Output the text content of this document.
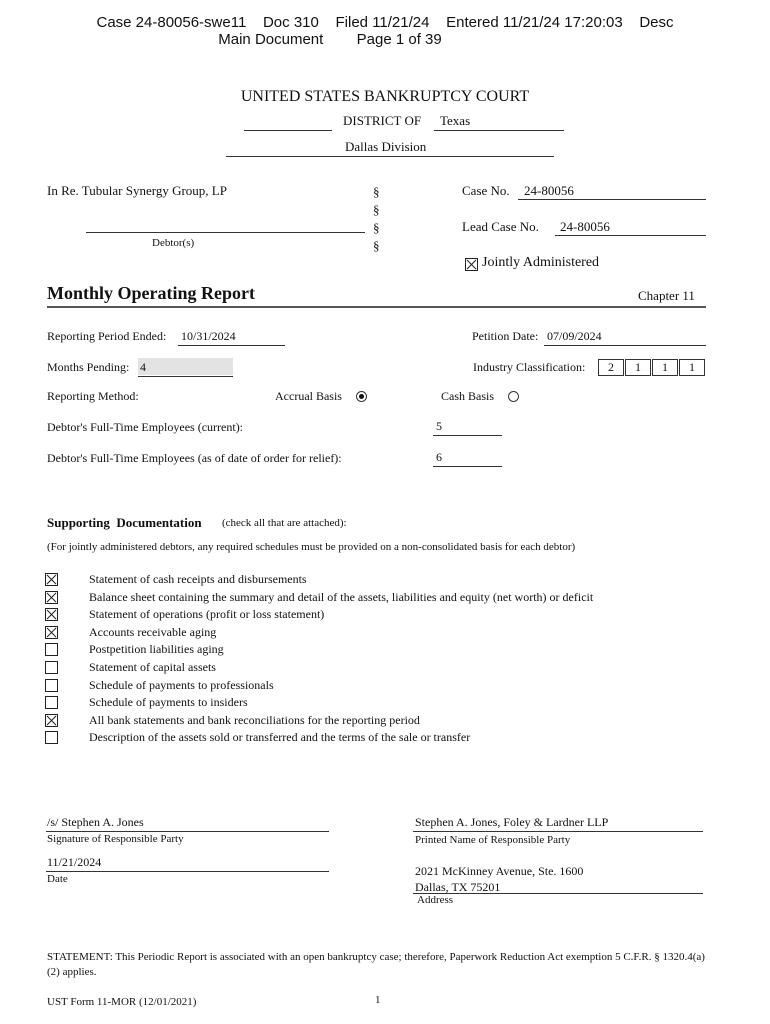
Case 24-80056-swe11    Doc 310    Filed 11/21/24    Entered 11/21/24 17:20:03    Desc
Main Document        Page 1 of 39
UNITED STATES BANKRUPTCY COURT
DISTRICT OF Texas
Dallas Division
In Re. Tubular Synergy Group, LP
Debtor(s)
§
§
§
§
Case No. 24-80056
Lead Case No. 24-80056
Jointly Administered
Monthly Operating Report	Chapter 11
Reporting Period Ended: 10/31/2024	Petition Date: 07/09/2024
Months Pending: 4	Industry Classification:	2	1	1	1
Reporting Method:	Accrual Basis	Cash Basis
Debtor's Full-Time Employees (current):	5
Debtor's Full-Time Employees (as of date of order for relief):	6
Supporting  Documentation (check all that are attached):
(For jointly administered debtors, any required schedules must be provided on a non-consolidated basis for each debtor)
Statement of cash receipts and disbursements
Balance sheet containing the summary and detail of the assets, liabilities and equity (net worth) or deficit
Statement of operations (profit or loss statement)
Accounts receivable aging
Postpetition liabilities aging
Statement of capital assets
Schedule of payments to professionals
Schedule of payments to insiders
All bank statements and bank reconciliations for the reporting period
Description of the assets sold or transferred and the terms of the sale or transfer
/s/ Stephen A. Jones
Signature of Responsible Party
11/21/2024
Date
Stephen A. Jones, Foley & Lardner LLP
Printed Name of Responsible Party
2021 McKinney Avenue, Ste. 1600
Dallas, TX 75201
Address
STATEMENT: This Periodic Report is associated with an open bankruptcy case; therefore, Paperwork Reduction Act exemption 5 C.F.R. § 1320.4(a)(2) applies.
UST Form 11-MOR (12/01/2021)	1
